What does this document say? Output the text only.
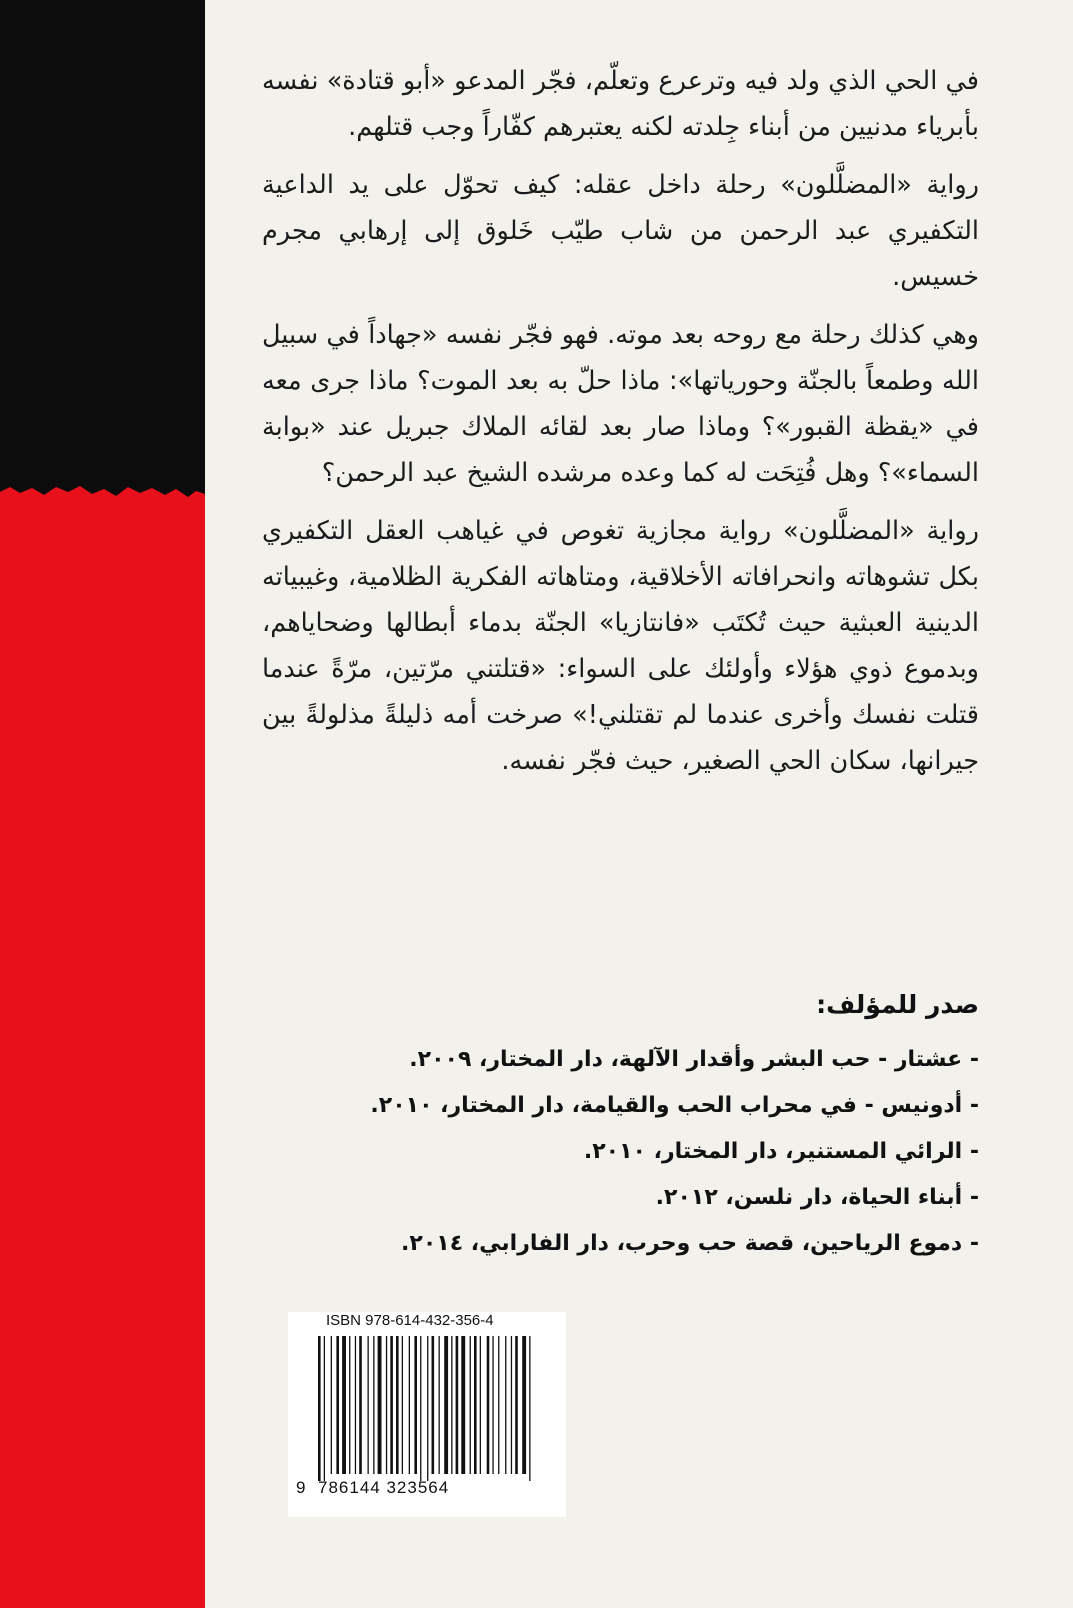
في الحي الذي ولد فيه وترعرع وتعلّم، فجّر المدعو «أبو قتادة» نفسه بأبرياء مدنيين من أبناء جِلدته لكنه يعتبرهم كفّاراً وجب قتلهم.

رواية «المضلَّلون» رحلة داخل عقله: كيف تحوّل على يد الداعية التكفيري عبد الرحمن من شاب طيّب خَلوق إلى إرهابي مجرم خسيس.

وهي كذلك رحلة مع روحه بعد موته. فهو فجّر نفسه «جهاداً في سبيل الله وطمعاً بالجنّة وحورياتها»: ماذا حلّ به بعد الموت؟ ماذا جرى معه في «يقظة القبور»؟ وماذا صار بعد لقائه الملاك جبريل عند «بوابة السماء»؟ وهل فُتِحَت له كما وعده مرشده الشيخ عبد الرحمن؟

رواية «المضلَّلون» رواية مجازية تغوص في غياهب العقل التكفيري بكل تشوهاته وانحرافاته الأخلاقية، ومتاهاته الفكرية الظلامية، وغيبياته الدينية العبثية حيث تُكتَب «فانتازيا» الجنّة بدماء أبطالها وضحاياهم، وبدموع ذوي هؤلاء وأولئك على السواء: «قتلتني مرّتين، مرّةً عندما قتلت نفسك وأخرى عندما لم تقتلني!» صرخت أمه ذليلةً مذلولةً بين جيرانها، سكان الحي الصغير، حيث فجّر نفسه.

صدر للمؤلف:
- عشتار - حب البشر وأقدار الآلهة، دار المختار، ٢٠٠٩.
- أدونيس - في محراب الحب والقيامة، دار المختار، ٢٠١٠.
- الرائي المستنير، دار المختار، ٢٠١٠.
- أبناء الحياة، دار نلسن، ٢٠١٢.
- دموع الرياحين، قصة حب وحرب، دار الفارابي، ٢٠١٤.
ISBN 978-614-432-356-4
9 786144 323564
